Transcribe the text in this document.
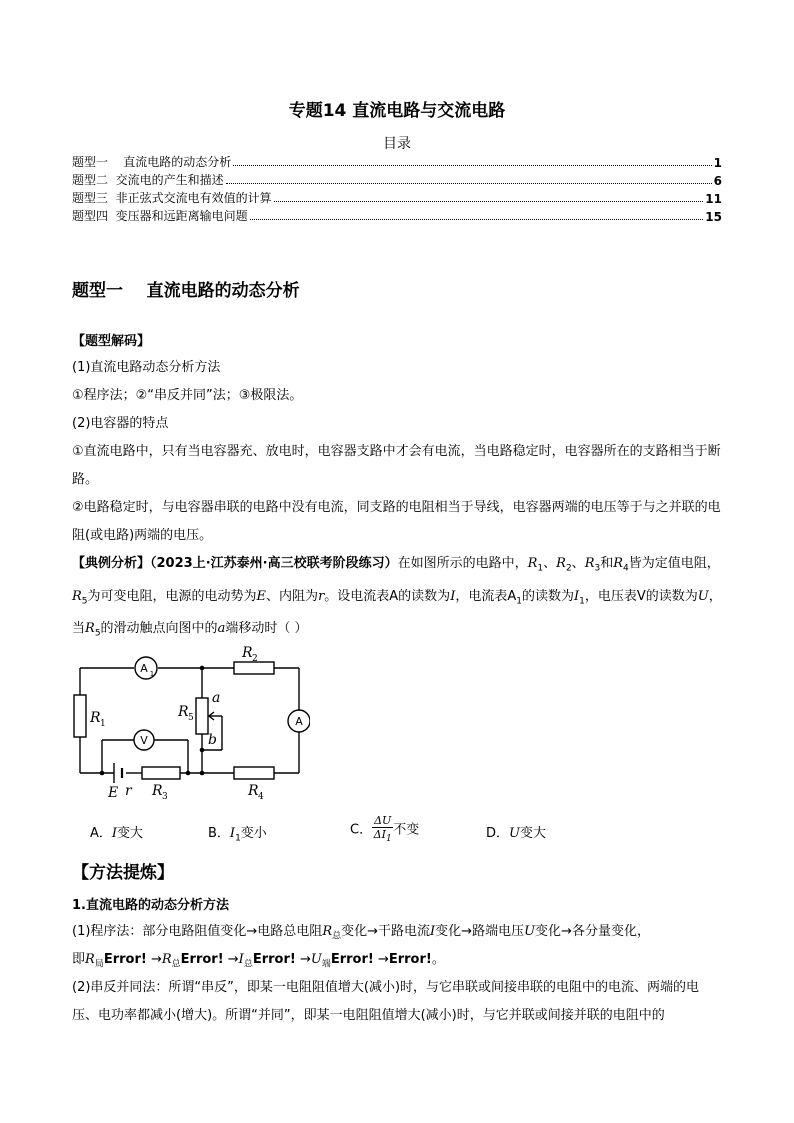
专题14 直流电路与交流电路
目录
题型一    直流电路的动态分析	1
题型二  交流电的产生和描述	6
题型三  非正弦式交流电有效值的计算	11
题型四  变压器和远距离输电问题	15
题型一    直流电路的动态分析
【题型解码】
(1)直流电路动态分析方法
①程序法；②“串反并同”法；③极限法。
(2)电容器的特点
①直流电路中，只有当电容器充、放电时，电容器支路中才会有电流，当电路稳定时，电容器所在的支路相当于断路。
②电路稳定时，与电容器串联的电路中没有电流，同支路的电阻相当于导线，电容器两端的电压等于与之并联的电阻(或电路)两端的电压。
【典例分析】（2023上·江苏泰州·高三校联考阶段练习）在如图所示的电路中，$R_1$、$R_2$、$R_3$和$R_4$皆为定值电阻，$R_5$为可变电阻，电源的电动势为E、内阻为r。设电流表A的读数为I，电流表$A_1$的读数为$I_1$，电压表V的读数为U，当$R_5$的滑动触点向图中的a端移动时（ ）
A 1
A
V
R 1
R 2
R 3	R 4
R 5
E r
a
b
A．I变大	B．$I_1$变小	C． $\frac{\Delta U}{\Delta I_1}$ 不变	D．U变大
【方法提炼】
1.直流电路的动态分析方法
(1)程序法：部分电路阻值变化→电路总电阻$R_总$变化→干路电流I变化→路端电压U变化→各分量变化，
即$R_局Error$! $\to R_总Error$! $\to I_总Error$! $\to U_端Error$! →Error!。
(2)串反并同法：所谓“串反”，即某一电阻阻值增大(减小)时，与它串联或间接串联的电阻中的电流、两端的电压、电功率都减小(增大)。所谓“并同”，即某一电阻阻值增大(减小)时，与它并联或间接并联的电阻中的
